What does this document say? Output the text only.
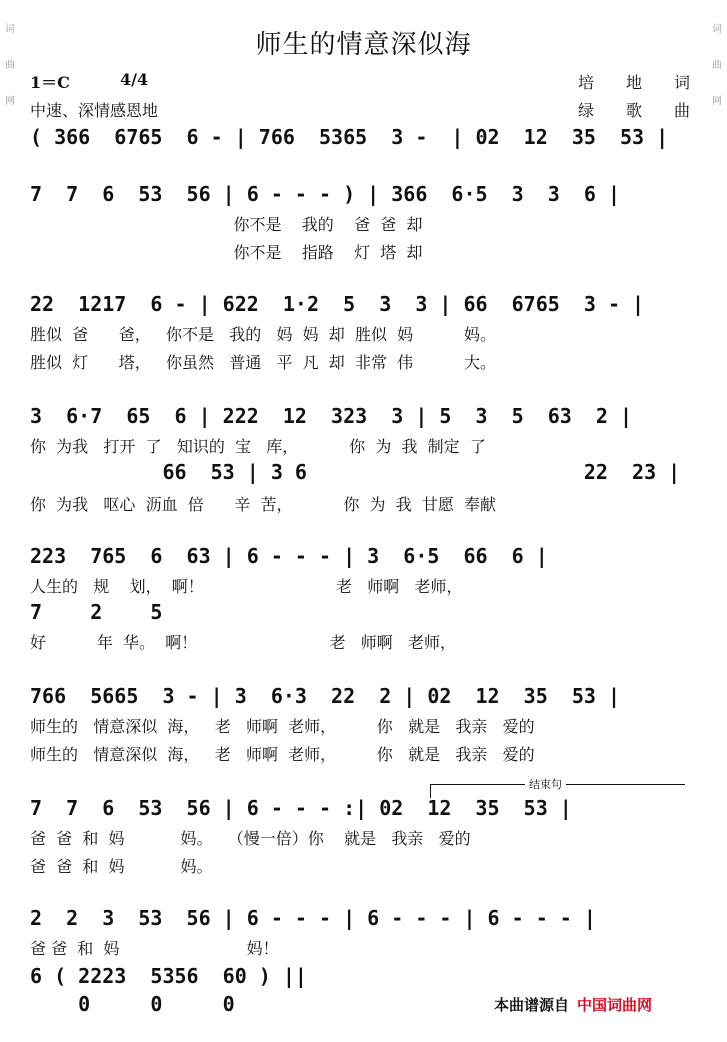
词
曲
网
词
曲
网
师生的情意深似海
1＝C	4/4
中速、深情感恩地
培　　地　　词
绿　　歌　　曲
( 366  6765  6 - | 766  5365  3 -  | 02  12  35  53 |
7  7  6  53  56 | 6 - - - ) | 366  6·5  3  3  6 |
你不是    我的    爸  爸  却
你不是    指路    灯  塔  却
22  1217  6 - | 622  1·2  5  3  3 | 66  6765  3 - |
胜似  爸      爸，   你不是   我的   妈  妈  却  胜似  妈          妈。
胜似  灯      塔，   你虽然   普通   平  凡  却  非常  伟          大。
3  6·7  65  6 | 222  12  323  3 | 5  3  5  63  2 |
你  为我   打开  了   知识的  宝   库，          你  为  我  制定  了
66  53 | 3 6                       22  23 |
你  为我   呕心  沥血  倍      辛  苦，          你  为  我  甘愿  奉献
223  765  6  63 | 6 - - - | 3  6·5  66  6 |
人生的   规    划，  啊！                          老   师啊   老师，
7    2    5
好          年  华。  啊！                          老   师啊   老师，
766  5665  3 - | 3  6·3  22  2 | 02  12  35  53 |
师生的   情意深似  海，   老   师啊  老师，        你   就是   我亲   爱的
师生的   情意深似  海，   老   师啊  老师，        你   就是   我亲   爱的
结束句
7  7  6  53  56 | 6 - - - :| 02  12  35  53 |
爸  爸  和  妈           妈。   （慢一倍）你    就是   我亲   爱的
爸  爸  和  妈           妈。
2  2  3  53  56 | 6 - - - | 6 - - - | 6 - - - |
爸 爸  和  妈                         妈！
6 ( 2223  5356  60 ) ||
0     0     0	本曲谱源自 中国词曲网
